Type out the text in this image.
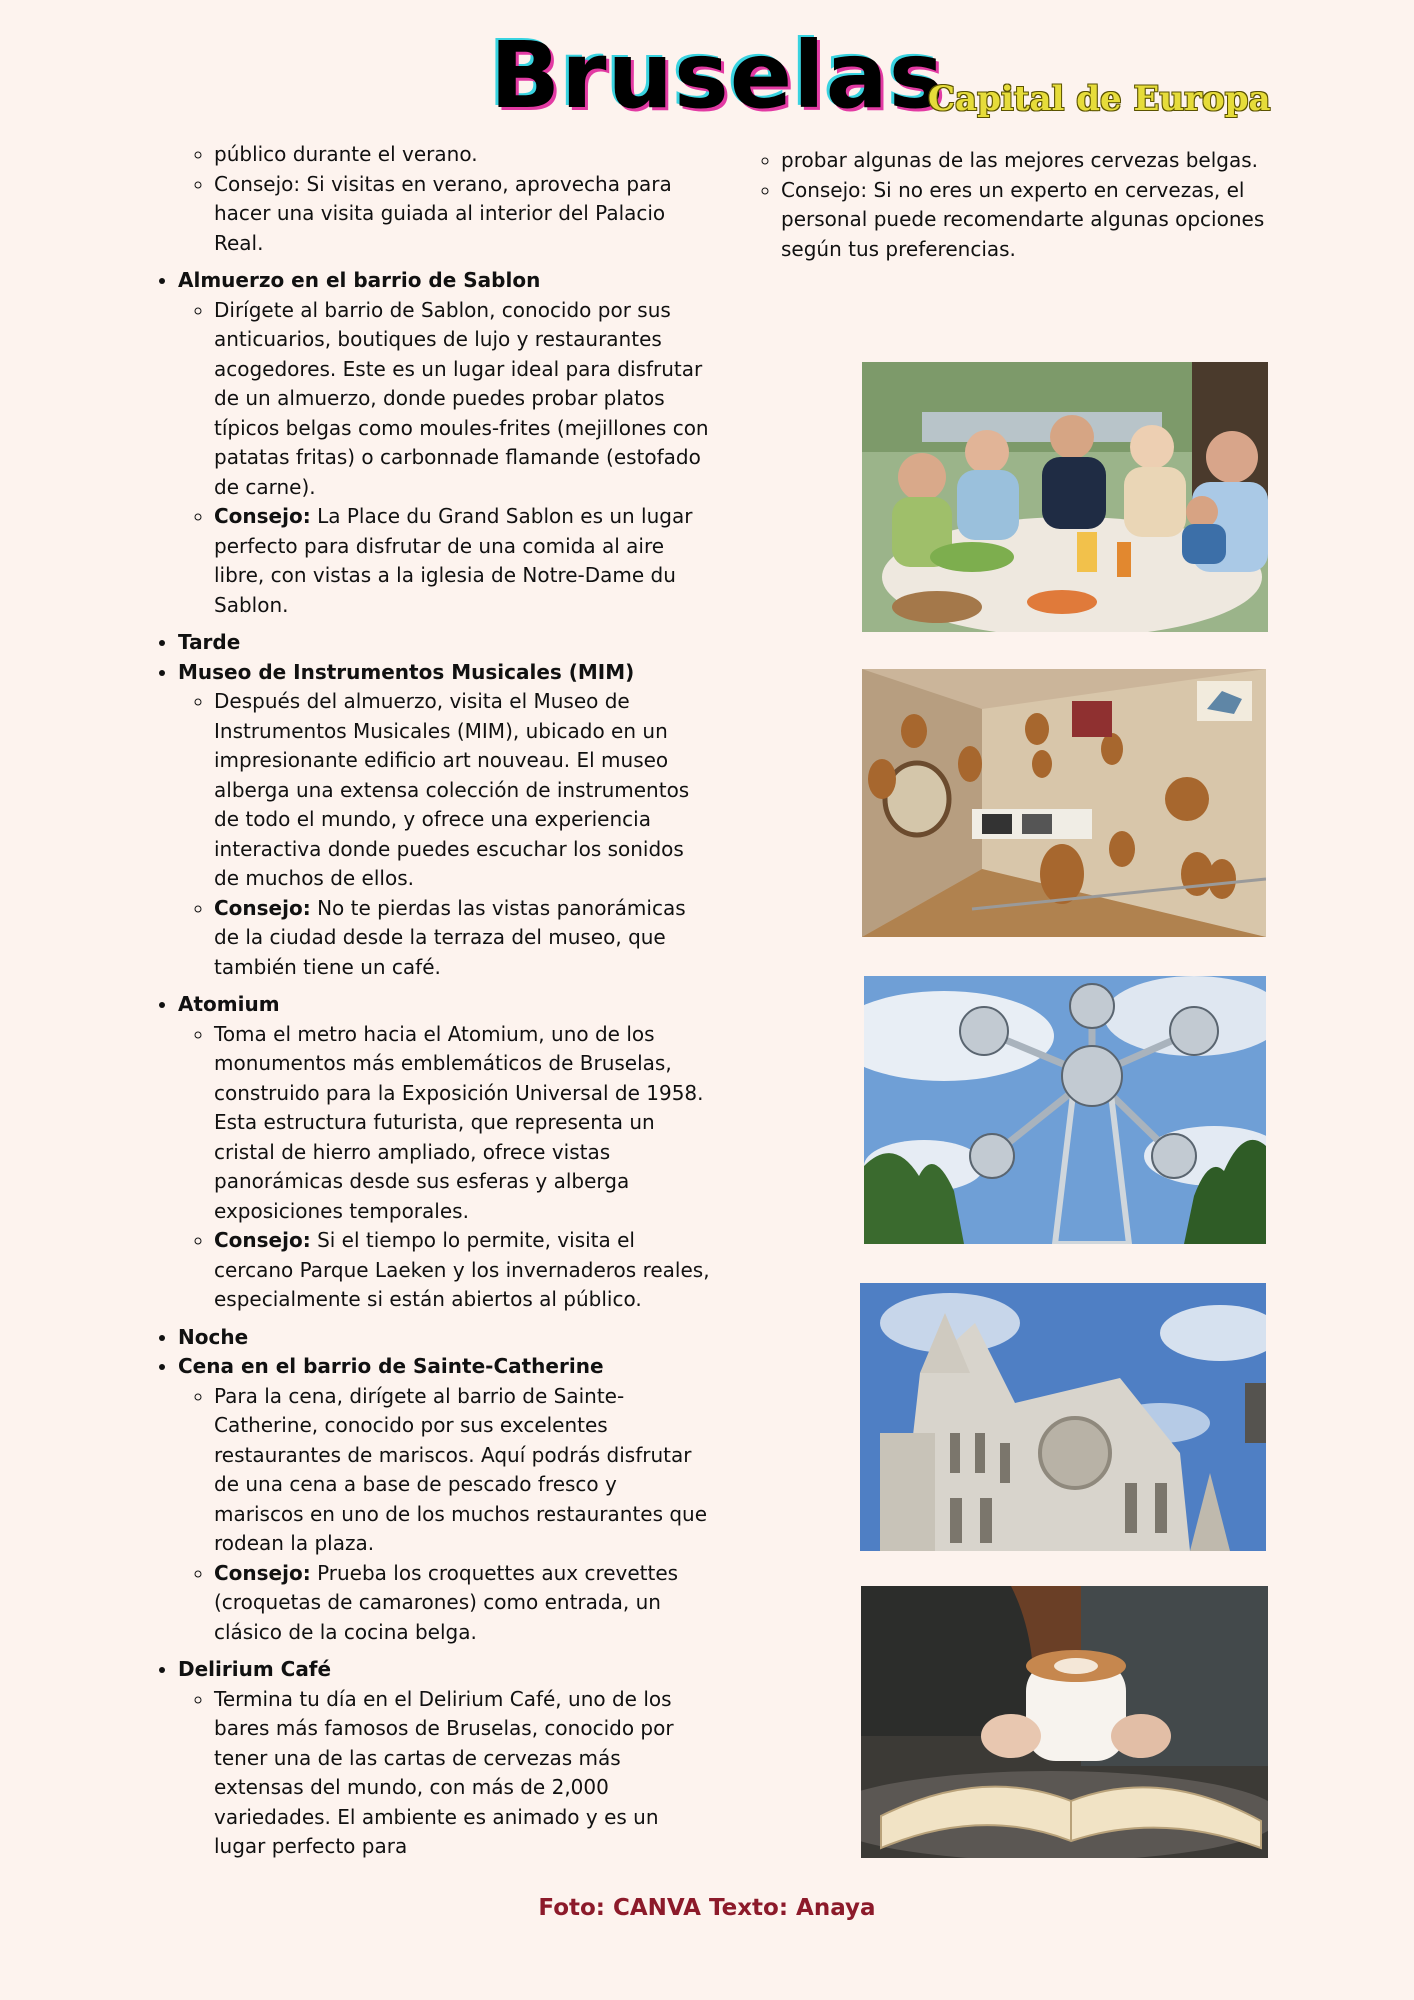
Bruselas
Capital de Europa
◦ público durante el verano.
◦ Consejo: Si visitas en verano, aprovecha para hacer una visita guiada al interior del Palacio Real.
• Almuerzo en el barrio de Sablon
◦ Dirígete al barrio de Sablon, conocido por sus anticuarios, boutiques de lujo y restaurantes acogedores. Este es un lugar ideal para disfrutar de un almuerzo, donde puedes probar platos típicos belgas como moules-frites (mejillones con patatas fritas) o carbonnade flamande (estofado de carne).
◦ Consejo: La Place du Grand Sablon es un lugar perfecto para disfrutar de una comida al aire libre, con vistas a la iglesia de Notre-Dame du Sablon.
• Tarde
• Museo de Instrumentos Musicales (MIM)
◦ Después del almuerzo, visita el Museo de Instrumentos Musicales (MIM), ubicado en un impresionante edificio art nouveau. El museo alberga una extensa colección de instrumentos de todo el mundo, y ofrece una experiencia interactiva donde puedes escuchar los sonidos de muchos de ellos.
◦ Consejo: No te pierdas las vistas panorámicas de la ciudad desde la terraza del museo, que también tiene un café.
• Atomium
◦ Toma el metro hacia el Atomium, uno de los monumentos más emblemáticos de Bruselas, construido para la Exposición Universal de 1958. Esta estructura futurista, que representa un cristal de hierro ampliado, ofrece vistas panorámicas desde sus esferas y alberga exposiciones temporales.
◦ Consejo: Si el tiempo lo permite, visita el cercano Parque Laeken y los invernaderos reales, especialmente si están abiertos al público.
• Noche
• Cena en el barrio de Sainte-Catherine
◦ Para la cena, dirígete al barrio de Sainte-Catherine, conocido por sus excelentes restaurantes de mariscos. Aquí podrás disfrutar de una cena a base de pescado fresco y mariscos en uno de los muchos restaurantes que rodean la plaza.
◦ Consejo: Prueba los croquettes aux crevettes (croquetas de camarones) como entrada, un clásico de la cocina belga.
• Delirium Café
◦ Termina tu día en el Delirium Café, uno de los bares más famosos de Bruselas, conocido por tener una de las cartas de cervezas más extensas del mundo, con más de 2,000 variedades. El ambiente es animado y es un lugar perfecto para
◦ probar algunas de las mejores cervezas belgas.
◦ Consejo: Si no eres un experto en cervezas, el personal puede recomendarte algunas opciones según tus preferencias.
Foto: CANVA Texto: Anaya
